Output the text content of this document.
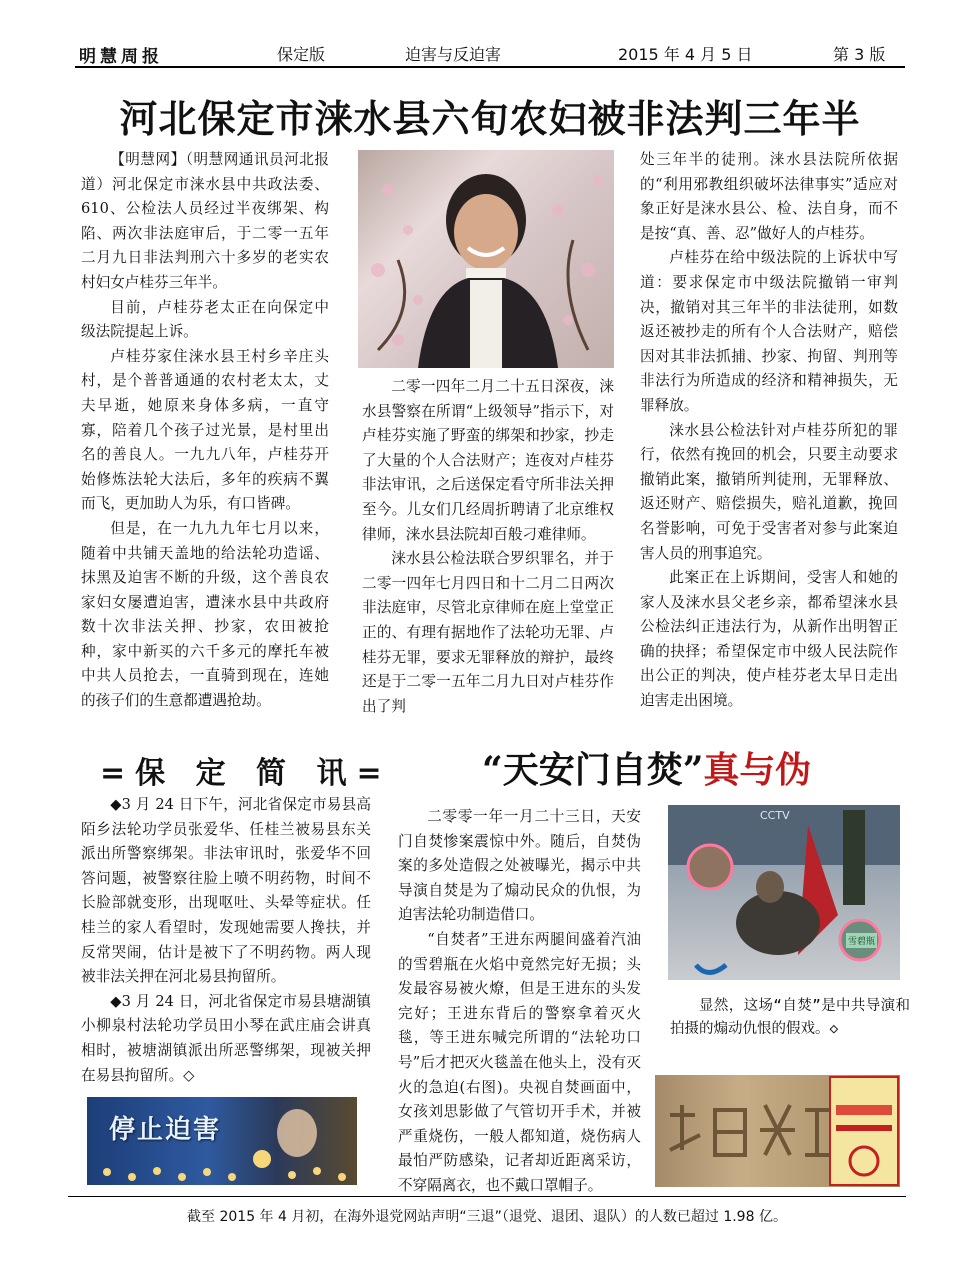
明慧周报	保定版	迫害与反迫害	2015 年 4 月 5 日	第 3 版
河北保定市涞水县六旬农妇被非法判三年半

【明慧网】（明慧网通讯员河北报道）河北保定市涞水县中共政法委、610、公检法人员经过半夜绑架、构陷、两次非法庭审后，于二零一五年二月九日非法判刑六十多岁的老实农村妇女卢桂芬三年半。

目前，卢桂芬老太正在向保定中级法院提起上诉。

卢桂芬家住涞水县王村乡辛庄头村，是个普普通通的农村老太太，丈夫早逝，她原来身体多病，一直守寡，陪着几个孩子过光景，是村里出名的善良人。一九九八年，卢桂芬开始修炼法轮大法后，多年的疾病不翼而飞，更加助人为乐，有口皆碑。

但是，在一九九九年七月以来，随着中共铺天盖地的给法轮功造谣、抹黑及迫害不断的升级，这个善良农家妇女屡遭迫害，遭涞水县中共政府数十次非法关押、抄家，农田被抢种，家中新买的六千多元的摩托车被中共人员抢去，一直骑到现在，连她的孩子们的生意都遭遇抢劫。

二零一四年二月二十五日深夜，涞水县警察在所谓“上级领导”指示下，对卢桂芬实施了野蛮的绑架和抄家，抄走了大量的个人合法财产；连夜对卢桂芬非法审讯，之后送保定看守所非法关押至今。儿女们几经周折聘请了北京维权律师，涞水县法院却百般刁难律师。

涞水县公检法联合罗织罪名，并于二零一四年七月四日和十二月二日两次非法庭审，尽管北京律师在庭上堂堂正正的、有理有据地作了法轮功无罪、卢桂芬无罪，要求无罪释放的辩护，最终还是于二零一五年二月九日对卢桂芬作出了判

处三年半的徒刑。涞水县法院所依据的“利用邪教组织破坏法律事实”适应对象正好是涞水县公、检、法自身，而不是按“真、善、忍”做好人的卢桂芬。

卢桂芬在给中级法院的上诉状中写道：要求保定市中级法院撤销一审判决，撤销对其三年半的非法徒刑，如数返还被抄走的所有个人合法财产，赔偿因对其非法抓捕、抄家、拘留、判刑等非法行为所造成的经济和精神损失，无罪释放。

涞水县公检法针对卢桂芬所犯的罪行，依然有挽回的机会，只要主动要求撤销此案，撤销所判徒刑，无罪释放、返还财产、赔偿损失，赔礼道歉，挽回名誉影响，可免于受害者对参与此案迫害人员的刑事追究。

此案正在上诉期间，受害人和她的家人及涞水县父老乡亲，都希望涞水县公检法纠正违法行为，从新作出明智正确的抉择；希望保定市中级人民法院作出公正的判决，使卢桂芬老太早日走出迫害走出困境。

=保 定 简 讯=

◆3 月 24 日下午，河北省保定市易县高陌乡法轮功学员张爱华、任桂兰被易县东关派出所警察绑架。非法审讯时，张爱华不回答问题，被警察往脸上喷不明药物，时间不长脸部就变形，出现呕吐、头晕等症状。任桂兰的家人看望时，发现她需要人搀扶，并反常哭闹，估计是被下了不明药物。两人现被非法关押在河北易县拘留所。

◆3 月 24 日，河北省保定市易县塘湖镇小柳泉村法轮功学员田小琴在武庄庙会讲真相时，被塘湖镇派出所恶警绑架，现被关押在易县拘留所。◇

停止迫害
“天安门自焚”真与伪

二零零一年一月二十三日，天安门自焚惨案震惊中外。随后，自焚伪案的多处造假之处被曝光，揭示中共导演自焚是为了煽动民众的仇恨，为迫害法轮功制造借口。

“自焚者”王进东两腿间盛着汽油的雪碧瓶在火焰中竟然完好无损；头发最容易被火燎，但是王进东的头发完好；王进东背后的警察拿着灭火毯，等王进东喊完所谓的“法轮功口号”后才把灭火毯盖在他头上，没有灭火的急迫(右图)。央视自焚画面中，女孩刘思影做了气管切开手术，并被严重烧伤，一般人都知道，烧伤病人最怕严防感染，记者却近距离采访，不穿隔离衣，也不戴口罩帽子。

CCTV
雪碧瓶
显然，这场“自焚”是中共导演和拍摄的煽动仇恨的假戏。◇
截至 2015 年 4 月初，在海外退党网站声明“三退”（退党、退团、退队）的人数已超过 1.98 亿。
